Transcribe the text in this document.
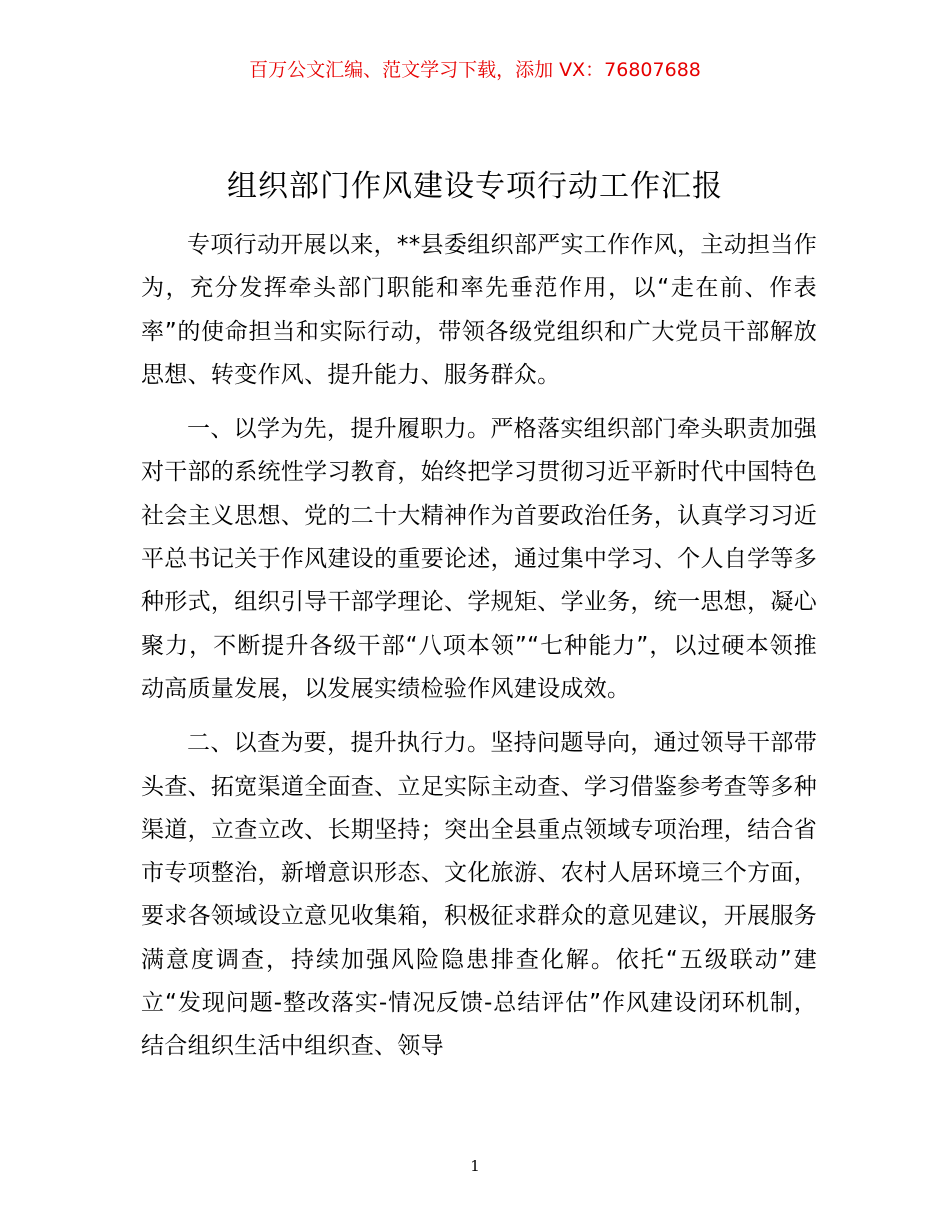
百万公文汇编、范文学习下载，添加 VX：76807688
组织部门作风建设专项行动工作汇报

专项行动开展以来，**县委组织部严实工作作风，主动担当作为，充分发挥牵头部门职能和率先垂范作用，以“走在前、作表率”的使命担当和实际行动，带领各级党组织和广大党员干部解放思想、转变作风、提升能力、服务群众。

一、以学为先，提升履职力。严格落实组织部门牵头职责加强对干部的系统性学习教育，始终把学习贯彻习近平新时代中国特色社会主义思想、党的二十大精神作为首要政治任务，认真学习习近平总书记关于作风建设的重要论述，通过集中学习、个人自学等多种形式，组织引导干部学理论、学规矩、学业务，统一思想，凝心聚力，不断提升各级干部“八项本领”“七种能力”，以过硬本领推动高质量发展，以发展实绩检验作风建设成效。

二、以查为要，提升执行力。坚持问题导向，通过领导干部带头查、拓宽渠道全面查、立足实际主动查、学习借鉴参考查等多种渠道，立查立改、长期坚持；突出全县重点领域专项治理，结合省市专项整治，新增意识形态、文化旅游、农村人居环境三个方面，要求各领域设立意见收集箱，积极征求群众的意见建议，开展服务满意度调查，持续加强风险隐患排查化解。依托“五级联动”建立“发现问题-整改落实-情况反馈-总结评估”作风建设闭环机制，结合组织生活中组织查、领导

1
